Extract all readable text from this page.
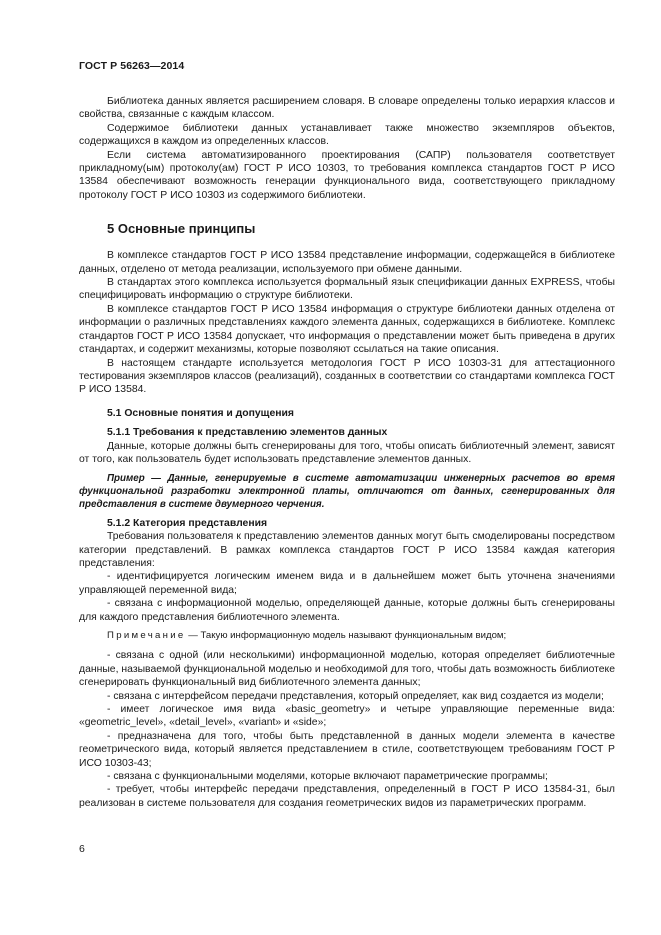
ГОСТ Р 56263—2014

Библиотека данных является расширением словаря. В словаре определены только иерархия классов и свойства, связанные с каждым классом.

Содержимое библиотеки данных устанавливает также множество экземпляров объектов, содержащихся в каждом из определенных классов.

Если система автоматизированного проектирования (САПР) пользователя соответствует прикладному(ым) протоколу(ам) ГОСТ Р ИСО 10303, то требования комплекса стандартов ГОСТ Р ИСО 13584 обеспечивают возможность генерации функционального вида, соответствующего прикладному протоколу ГОСТ Р ИСО 10303 из содержимого библиотеки.

5 Основные принципы

В комплексе стандартов ГОСТ Р ИСО 13584 представление информации, содержащейся в библиотеке данных, отделено от метода реализации, используемого при обмене данными.

В стандартах этого комплекса используется формальный язык спецификации данных EXPRESS, чтобы специфицировать информацию о структуре библиотеки.

В комплексе стандартов ГОСТ Р ИСО 13584 информация о структуре библиотеки данных отделена от информации о различных представлениях каждого элемента данных, содержащихся в библиотеке. Комплекс стандартов ГОСТ Р ИСО 13584 допускает, что информация о представлении может быть приведена в других стандартах, и содержит механизмы, которые позволяют ссылаться на такие описания.

В настоящем стандарте используется методология ГОСТ Р ИСО 10303-31 для аттестационного тестирования экземпляров классов (реализаций), созданных в соответствии со стандартами комплекса ГОСТ Р ИСО 13584.

5.1 Основные понятия и допущения

5.1.1 Требования к представлению элементов данных

Данные, которые должны быть сгенерированы для того, чтобы описать библиотечный элемент, зависят от того, как пользователь будет использовать представление элементов данных.

Пример — Данные, генерируемые в системе автоматизации инженерных расчетов во время функциональной разработки электронной платы, отличаются от данных, сгенерированных для представления в системе двумерного черчения.

5.1.2 Категория представления

Требования пользователя к представлению элементов данных могут быть смоделированы посредством категории представлений. В рамках комплекса стандартов ГОСТ Р ИСО 13584 каждая категория представления:

- идентифицируется логическим именем вида и в дальнейшем может быть уточнена значениями управляющей переменной вида;

- связана с информационной моделью, определяющей данные, которые должны быть сгенерированы для каждого представления библиотечного элемента.

Примечание — Такую информационную модель называют функциональным видом;

- связана с одной (или несколькими) информационной моделью, которая определяет библиотечные данные, называемой функциональной моделью и необходимой для того, чтобы дать возможность библиотеке сгенерировать функциональный вид библиотечного элемента данных;

- связана с интерфейсом передачи представления, который определяет, как вид создается из модели;

- имеет логическое имя вида «basic_geometry» и четыре управляющие переменные вида: «geometric_level», «detail_level», «variant» и «side»;

- предназначена для того, чтобы быть представленной в данных модели элемента в качестве геометрического вида, который является представлением в стиле, соответствующем требованиям ГОСТ Р ИСО 10303-43;

- связана с функциональными моделями, которые включают параметрические программы;

- требует, чтобы интерфейс передачи представления, определенный в ГОСТ Р ИСО 13584-31, был реализован в системе пользователя для создания геометрических видов из параметрических программ.

6
